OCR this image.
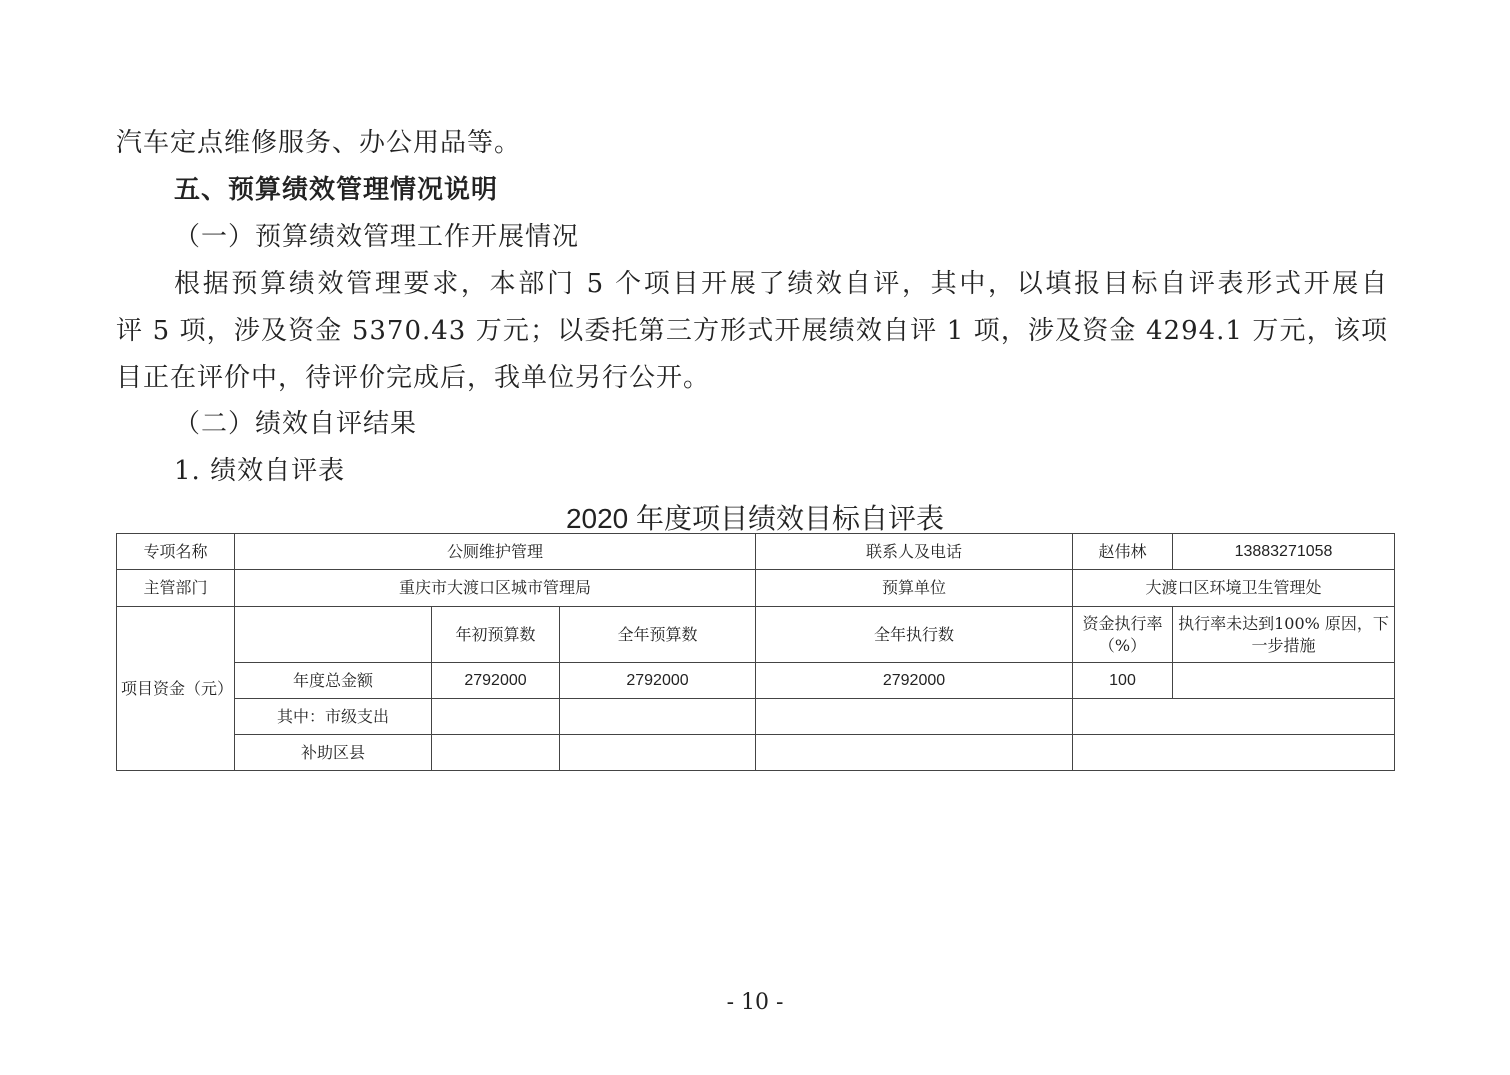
汽车定点维修服务、办公用品等。
五、预算绩效管理情况说明
（一）预算绩效管理工作开展情况
根据预算绩效管理要求，本部门 5 个项目开展了绩效自评，其中，以填报目标自评表形式开展自
评 5 项，涉及资金 5370.43 万元；以委托第三方形式开展绩效自评 1 项，涉及资金 4294.1 万元，该项
目正在评价中，待评价完成后，我单位另行公开。
（二）绩效自评结果
1. 绩效自评表
2020 年度项目绩效目标自评表
专项名称	公厕维护管理			联系人及电话	赵伟林	13883271058
主管部门	重庆市大渡口区城市管理局			预算单位	大渡口区环境卫生管理处	
项目资金（元）		年初预算数	全年预算数	全年执行数	资金执行率（%）	执行率未达到100% 原因，下一步措施
	年度总金额	2792000	2792000	2792000	100	
	其中：市级支出					
	补助区县					
- 10 -
